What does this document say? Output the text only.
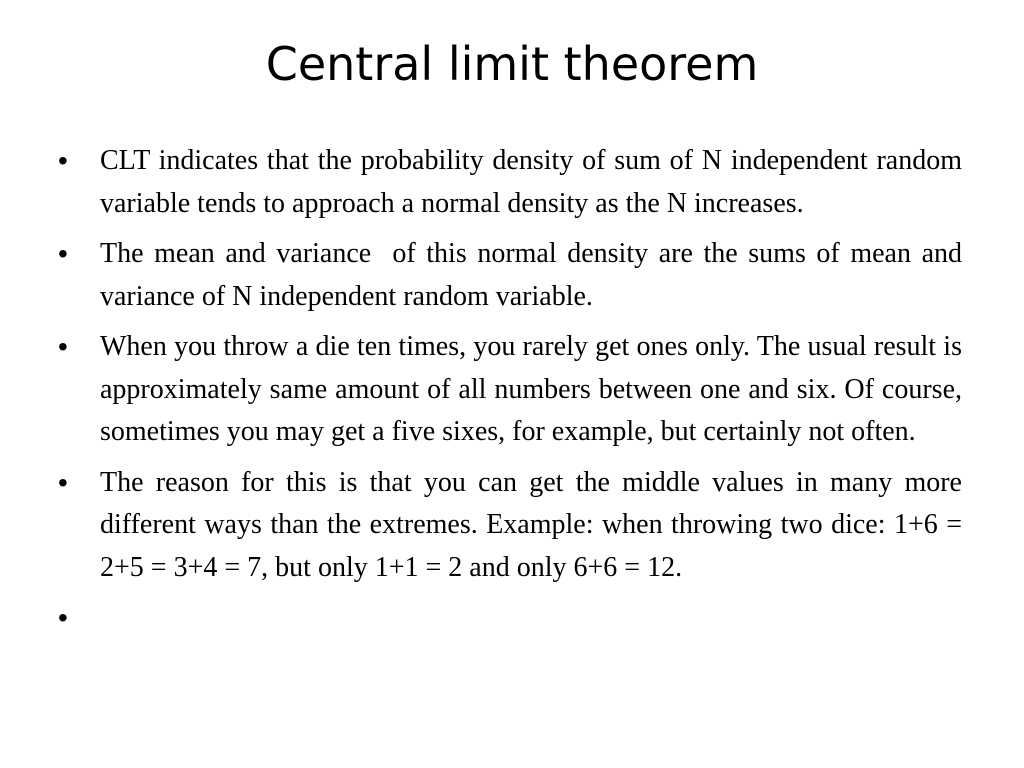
Central limit theorem
•	CLT indicates that the probability density of sum of N independent random variable tends to approach a normal density as the N increases.
•	The mean and variance  of this normal density are the sums of mean and variance of N independent random variable.
•	When you throw a die ten times, you rarely get ones only. The usual result is approximately same amount of all numbers between one and six. Of course, sometimes you may get a five sixes, for example, but certainly not often.
•	The reason for this is that you can get the middle values in many more different ways than the extremes. Example: when throwing two dice: 1+6 = 2+5 = 3+4 = 7, but only 1+1 = 2 and only 6+6 = 12.
•
